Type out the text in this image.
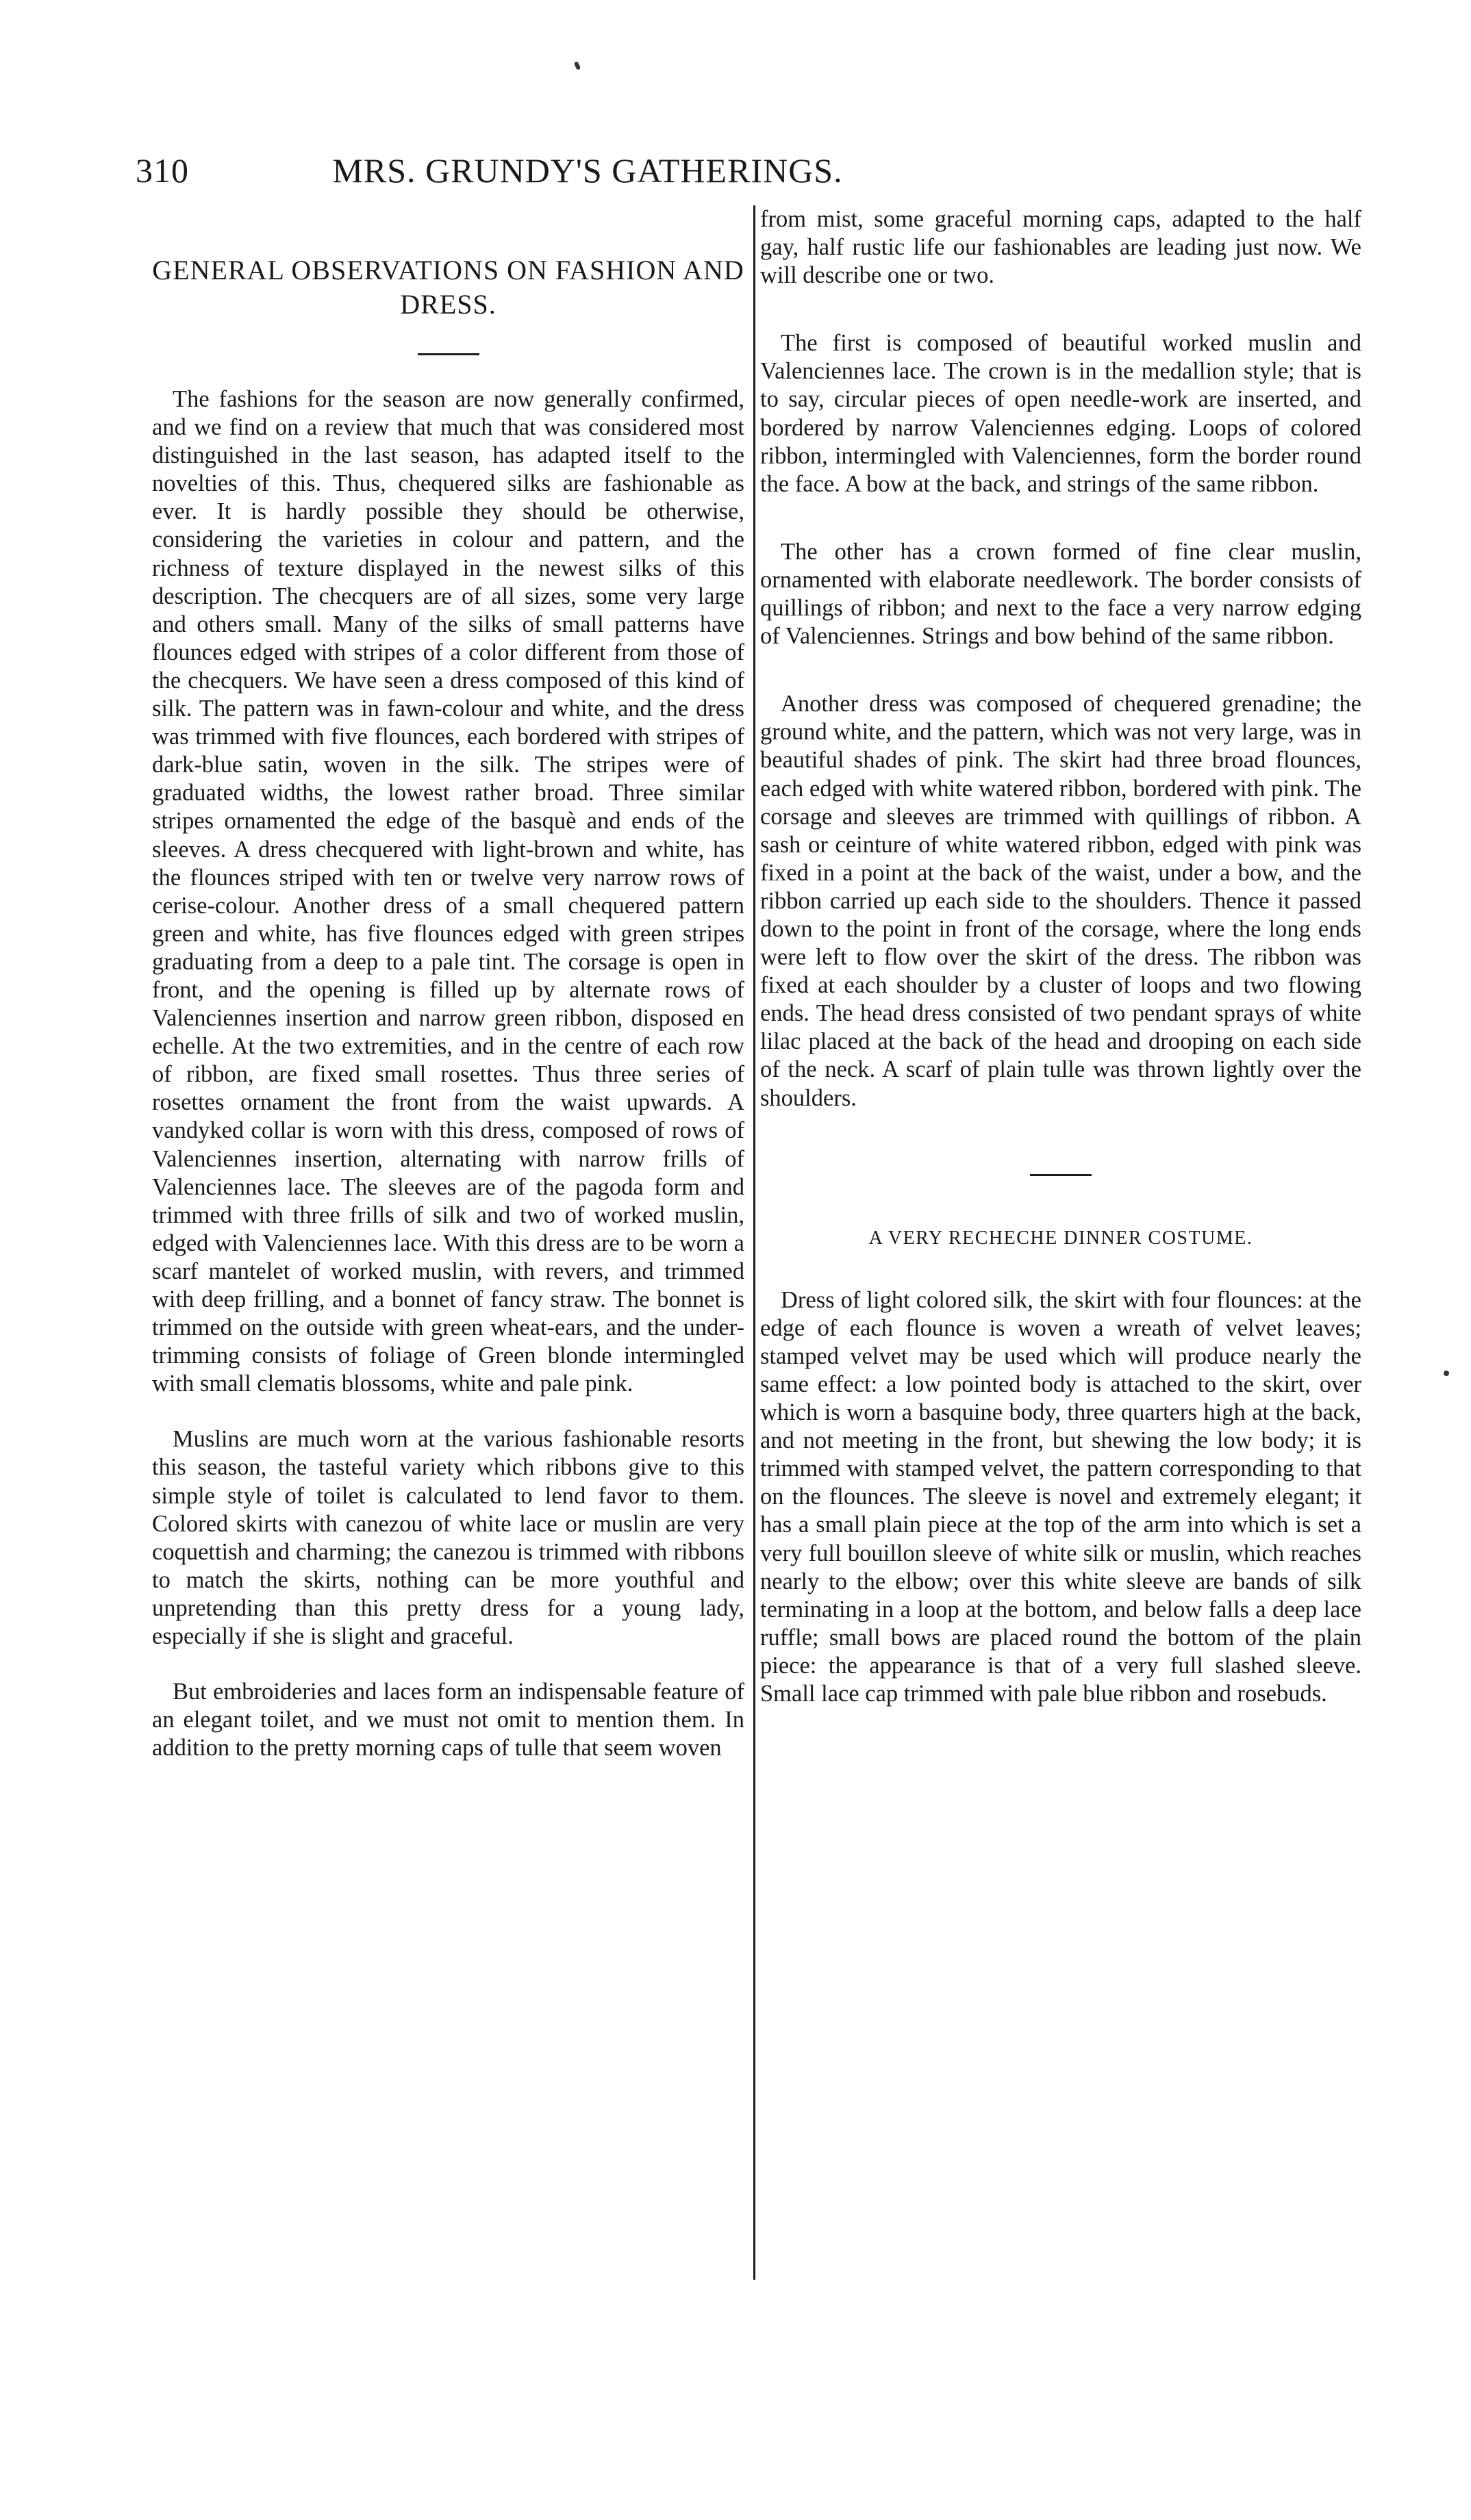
310	MRS. GRUNDY'S GATHERINGS.
GENERAL OBSERVATIONS ON FASHION AND DRESS.

The fashions for the season are now generally confirmed, and we find on a review that much that was considered most distinguished in the last season, has adapted itself to the novelties of this. Thus, chequered silks are fashionable as ever. It is hardly possible they should be otherwise, considering the varieties in colour and pattern, and the richness of texture displayed in the newest silks of this description. The checquers are of all sizes, some very large and others small. Many of the silks of small patterns have flounces edged with stripes of a color different from those of the checquers. We have seen a dress composed of this kind of silk. The pattern was in fawn-colour and white, and the dress was trimmed with five flounces, each bordered with stripes of dark-blue satin, woven in the silk. The stripes were of graduated widths, the lowest rather broad. Three similar stripes ornamented the edge of the basquè and ends of the sleeves. A dress checquered with light-brown and white, has the flounces striped with ten or twelve very narrow rows of cerise-colour. Another dress of a small chequered pattern green and white, has five flounces edged with green stripes graduating from a deep to a pale tint. The corsage is open in front, and the opening is filled up by alternate rows of Valenciennes insertion and narrow green ribbon, disposed en echelle. At the two extremities, and in the centre of each row of ribbon, are fixed small rosettes. Thus three series of rosettes ornament the front from the waist upwards. A vandyked collar is worn with this dress, composed of rows of Valenciennes insertion, alternating with narrow frills of Valenciennes lace. The sleeves are of the pagoda form and trimmed with three frills of silk and two of worked muslin, edged with Valenciennes lace. With this dress are to be worn a scarf mantelet of worked muslin, with revers, and trimmed with deep frilling, and a bonnet of fancy straw. The bonnet is trimmed on the outside with green wheat-ears, and the under-trimming consists of foliage of Green blonde intermingled with small clematis blossoms, white and pale pink.

Muslins are much worn at the various fashionable resorts this season, the tasteful variety which ribbons give to this simple style of toilet is calculated to lend favor to them. Colored skirts with canezou of white lace or muslin are very coquettish and charming; the canezou is trimmed with ribbons to match the skirts, nothing can be more youthful and unpretending than this pretty dress for a young lady, especially if she is slight and graceful.

But embroideries and laces form an indispensable feature of an elegant toilet, and we must not omit to mention them. In addition to the pretty morning caps of tulle that seem woven

from mist, some graceful morning caps, adapted to the half gay, half rustic life our fashionables are leading just now. We will describe one or two.

The first is composed of beautiful worked muslin and Valenciennes lace. The crown is in the medallion style; that is to say, circular pieces of open needle-work are inserted, and bordered by narrow Valenciennes edging. Loops of colored ribbon, intermingled with Valenciennes, form the border round the face. A bow at the back, and strings of the same ribbon.

The other has a crown formed of fine clear muslin, ornamented with elaborate needlework. The border consists of quillings of ribbon; and next to the face a very narrow edging of Valenciennes. Strings and bow behind of the same ribbon.

Another dress was composed of chequered grenadine; the ground white, and the pattern, which was not very large, was in beautiful shades of pink. The skirt had three broad flounces, each edged with white watered ribbon, bordered with pink. The corsage and sleeves are trimmed with quillings of ribbon. A sash or ceinture of white watered ribbon, edged with pink was fixed in a point at the back of the waist, under a bow, and the ribbon carried up each side to the shoulders. Thence it passed down to the point in front of the corsage, where the long ends were left to flow over the skirt of the dress. The ribbon was fixed at each shoulder by a cluster of loops and two flowing ends. The head dress consisted of two pendant sprays of white lilac placed at the back of the head and drooping on each side of the neck. A scarf of plain tulle was thrown lightly over the shoulders.

A VERY RECHECHE DINNER COSTUME.

Dress of light colored silk, the skirt with four flounces: at the edge of each flounce is woven a wreath of velvet leaves; stamped velvet may be used which will produce nearly the same effect: a low pointed body is attached to the skirt, over which is worn a basquine body, three quarters high at the back, and not meeting in the front, but shewing the low body; it is trimmed with stamped velvet, the pattern corresponding to that on the flounces. The sleeve is novel and extremely elegant; it has a small plain piece at the top of the arm into which is set a very full bouillon sleeve of white silk or muslin, which reaches nearly to the elbow; over this white sleeve are bands of silk terminating in a loop at the bottom, and below falls a deep lace ruffle; small bows are placed round the bottom of the plain piece: the appearance is that of a very full slashed sleeve. Small lace cap trimmed with pale blue ribbon and rosebuds.
